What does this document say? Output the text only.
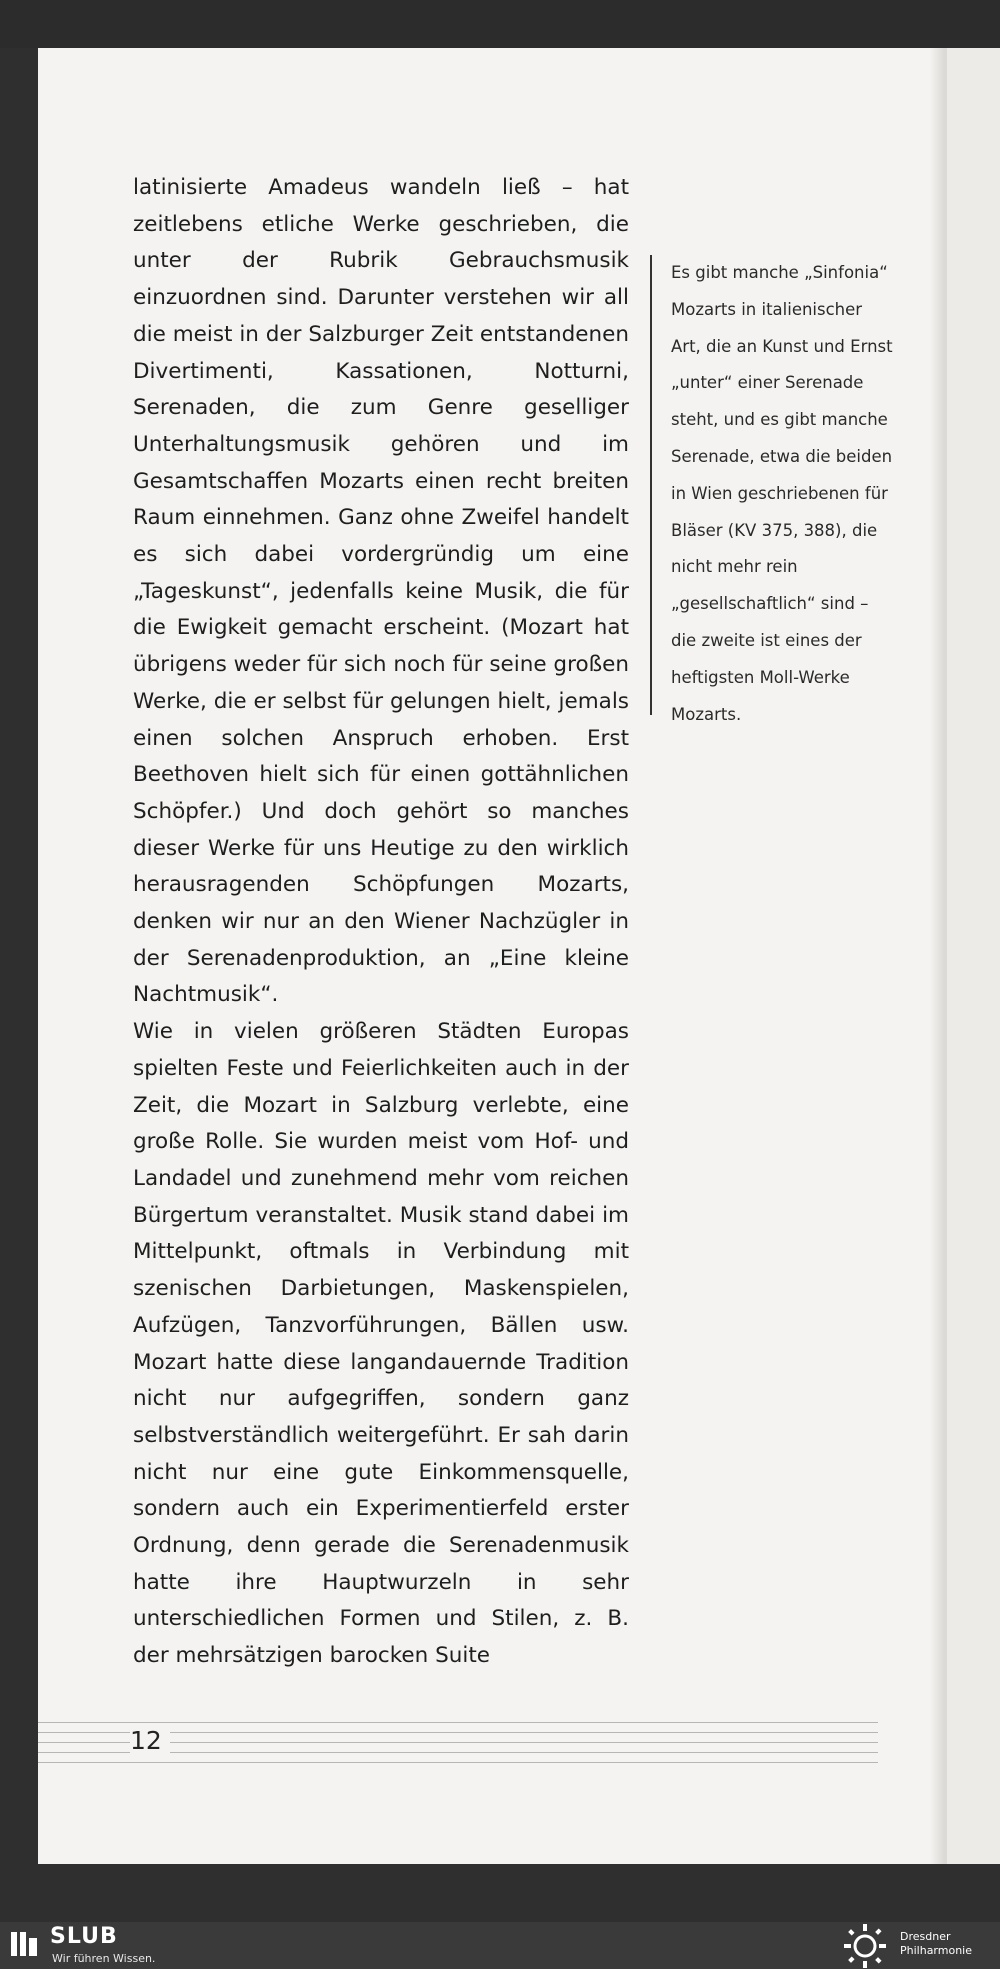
latinisierte Amadeus wandeln ließ – hat zeitlebens etliche Werke geschrieben, die unter der Rubrik Gebrauchsmusik einzuordnen sind. Darunter verstehen wir all die meist in der Salzburger Zeit entstandenen Divertimenti, Kassationen, Notturni, Serenaden, die zum Genre geselliger Unterhaltungsmusik gehören und im Gesamtschaffen Mozarts einen recht breiten Raum einnehmen. Ganz ohne Zweifel handelt es sich dabei vordergründig um eine „Tageskunst“, jedenfalls keine Musik, die für die Ewigkeit gemacht erscheint. (Mozart hat übrigens weder für sich noch für seine großen Werke, die er selbst für gelungen hielt, jemals einen solchen Anspruch erhoben. Erst Beethoven hielt sich für einen gottähnlichen Schöpfer.) Und doch gehört so manches dieser Werke für uns Heutige zu den wirklich herausragenden Schöpfungen Mozarts, denken wir nur an den Wiener Nachzügler in der Serenadenproduktion, an „Eine kleine Nachtmusik“.

Wie in vielen größeren Städten Europas spielten Feste und Feierlichkeiten auch in der Zeit, die Mozart in Salzburg verlebte, eine große Rolle. Sie wurden meist vom Hof- und Landadel und zunehmend mehr vom reichen Bürgertum veranstaltet. Musik stand dabei im Mittelpunkt, oftmals in Verbindung mit szenischen Darbietungen, Maskenspielen, Aufzügen, Tanzvorführungen, Bällen usw. Mozart hatte diese langandauernde Tradition nicht nur aufgegriffen, sondern ganz selbstverständlich weitergeführt. Er sah darin nicht nur eine gute Einkommensquelle, sondern auch ein Experimentierfeld erster Ordnung, denn gerade die Serenadenmusik hatte ihre Hauptwurzeln in sehr unterschiedlichen Formen und Stilen, z. B. der mehrsätzigen barocken Suite

Es gibt manche „Sinfonia“ Mozarts in italienischer Art, die an Kunst und Ernst „unter“ einer Serenade steht, und es gibt manche Serenade, etwa die beiden in Wien geschriebenen für Bläser (KV 375, 388), die nicht mehr rein „gesellschaftlich“ sind – die zweite ist eines der heftigsten Moll-Werke Mozarts.
12
SLUB
Wir führen Wissen.
Dresdner
Philharmonie
